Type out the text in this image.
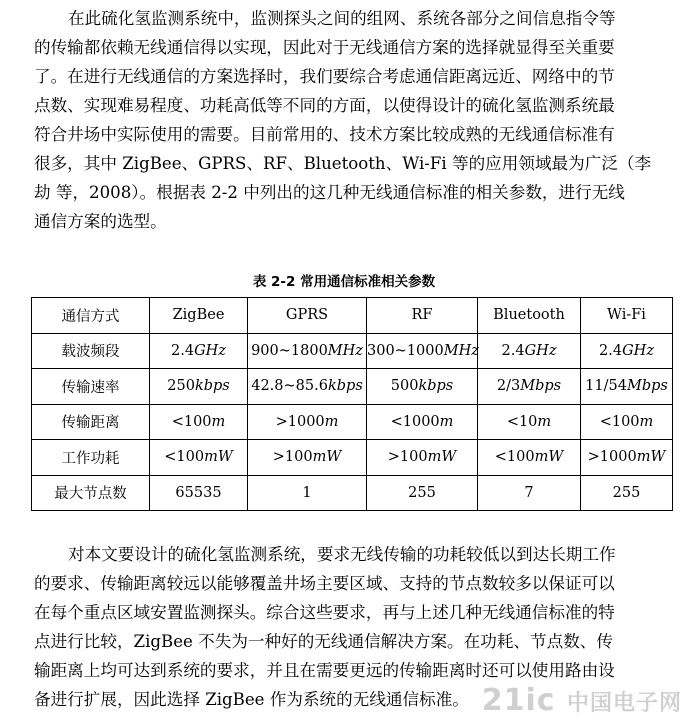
在此硫化氢监测系统中，监测探头之间的组网、系统各部分之间信息指令等
的传输都依赖无线通信得以实现，因此对于无线通信方案的选择就显得至关重要
了。在进行无线通信的方案选择时，我们要综合考虑通信距离远近、网络中的节
点数、实现难易程度、功耗高低等不同的方面，以使得设计的硫化氢监测系统最
符合井场中实际使用的需要。目前常用的、技术方案比较成熟的无线通信标准有
很多，其中 ZigBee、GPRS、RF、Bluetooth、Wi-Fi 等的应用领域最为广泛（李
劫 等，2008）。根据表 2-2 中列出的这几种无线通信标准的相关参数，进行无线
通信方案的选型。
表 2-2 常用通信标准相关参数
通信方式	ZigBee	GPRS	RF	Bluetooth	Wi-Fi
载波频段	2.4GHz	900~1800MHz	300~1000MHz	2.4GHz	2.4GHz
传输速率	250kbps	42.8~85.6kbps	500kbps	2/3Mbps	11/54Mbps
传输距离	<100m	>1000m	<1000m	<10m	<100m
工作功耗	<100mW	>100mW	>100mW	<100mW	>1000mW
最大节点数	65535	1	255	7	255
对本文要设计的硫化氢监测系统，要求无线传输的功耗较低以到达长期工作
的要求、传输距离较远以能够覆盖井场主要区域、支持的节点数较多以保证可以
在每个重点区域安置监测探头。综合这些要求，再与上述几种无线通信标准的特
点进行比较，ZigBee 不失为一种好的无线通信解决方案。在功耗、节点数、传
输距离上均可达到系统的要求，并且在需要更远的传输距离时还可以使用路由设
备进行扩展，因此选择 ZigBee 作为系统的无线通信标准。 21ic 中国电子网
